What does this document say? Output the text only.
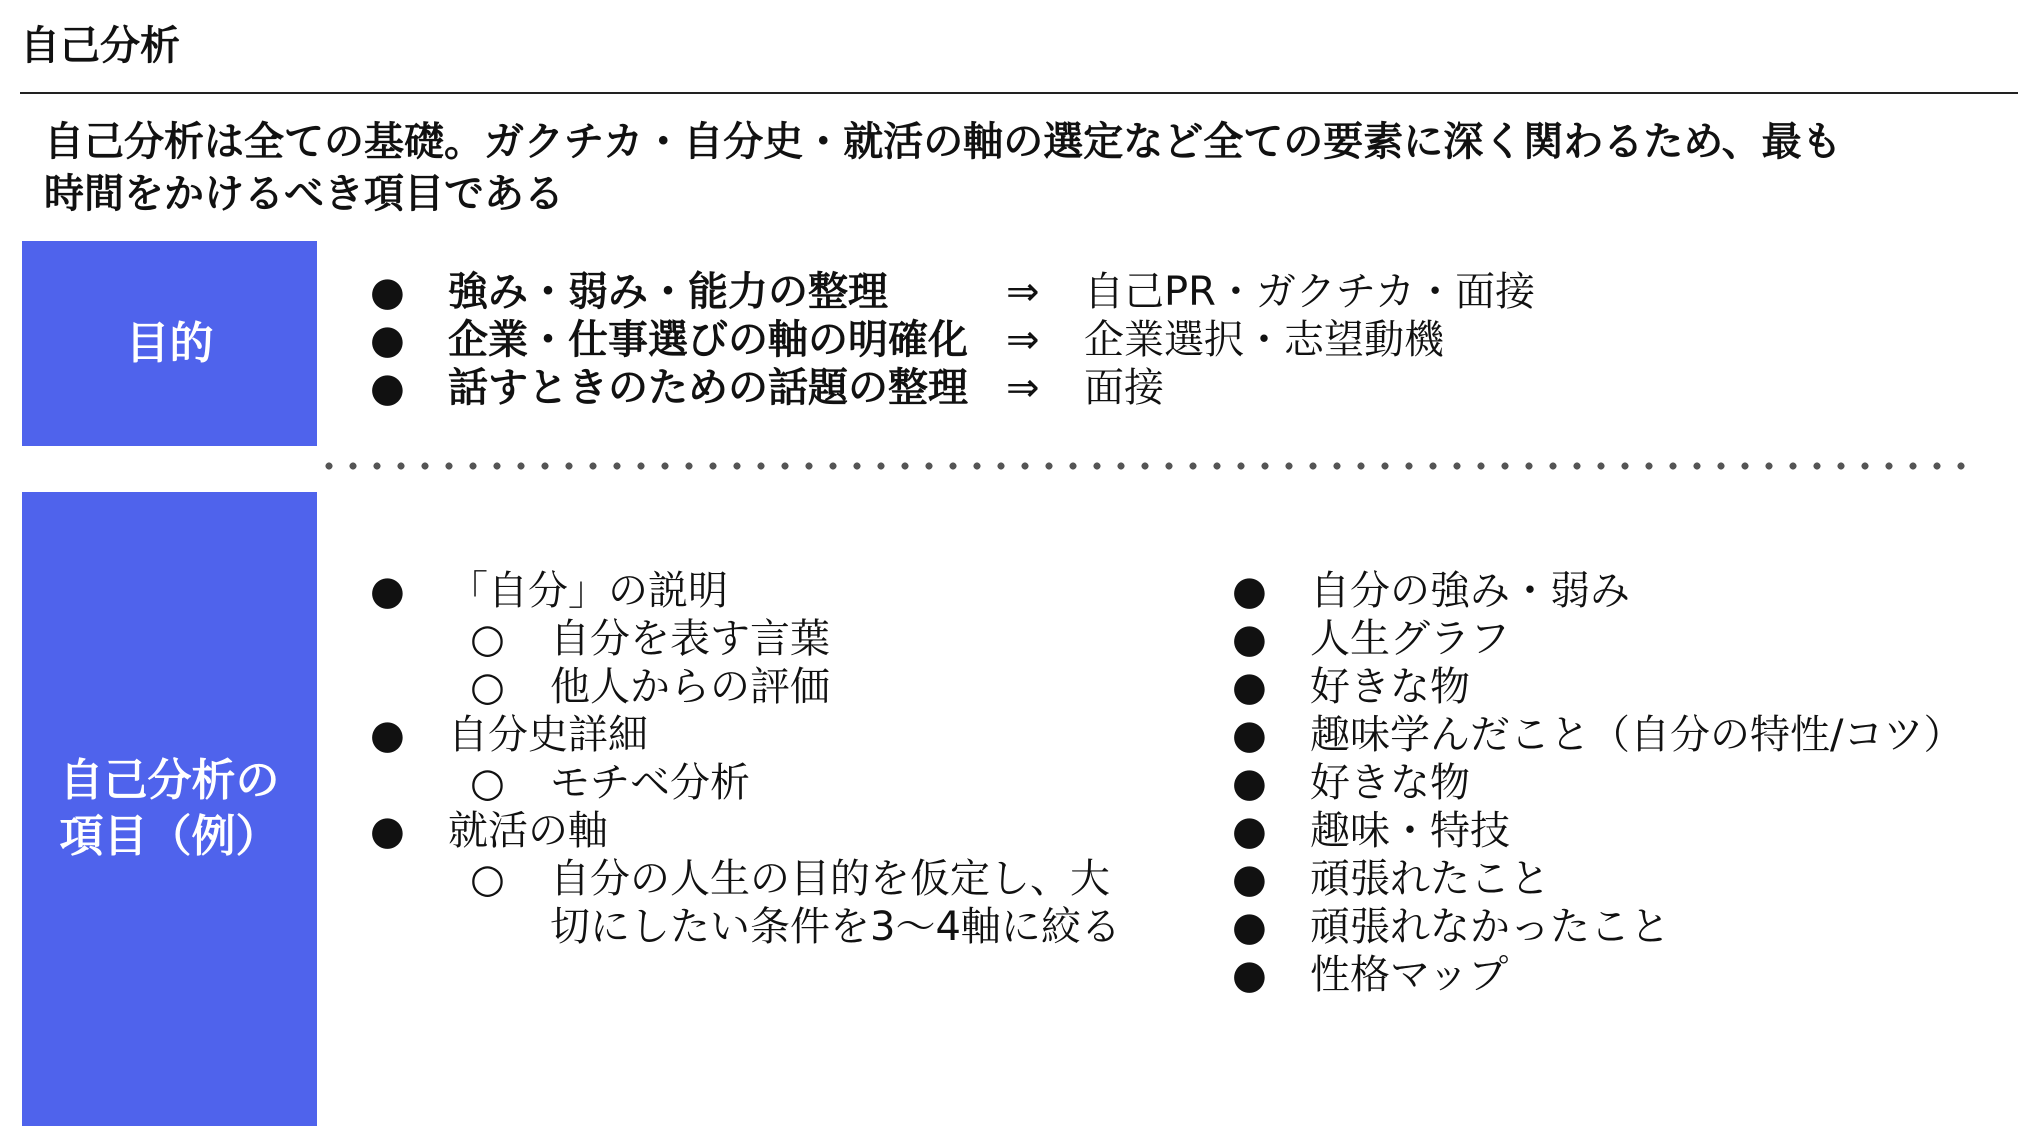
自己分析
自己分析は全ての基礎。ガクチカ・自分史・就活の軸の選定など全ての要素に深く関わるため、最も
時間をかけるべき項目である
目的
● 強み・弱み・能力の整理	⇒ 自己PR・ガクチカ・面接
● 企業・仕事選びの軸の明確化 ⇒ 企業選択・志望動機
● 話すときのための話題の整理 ⇒ 面接
自己分析の
項目（例）
● 「自分」の説明
○ 自分を表す言葉
○ 他人からの評価
● 自分史詳細
○ モチベ分析
● 就活の軸
○ 自分の人生の目的を仮定し、大
切にしたい条件を3〜4軸に絞る
● 自分の強み・弱み
● 人生グラフ
● 好きな物
● 趣味学んだこと（自分の特性/コツ）
● 好きな物
● 趣味・特技
● 頑張れたこと
● 頑張れなかったこと
● 性格マップ
